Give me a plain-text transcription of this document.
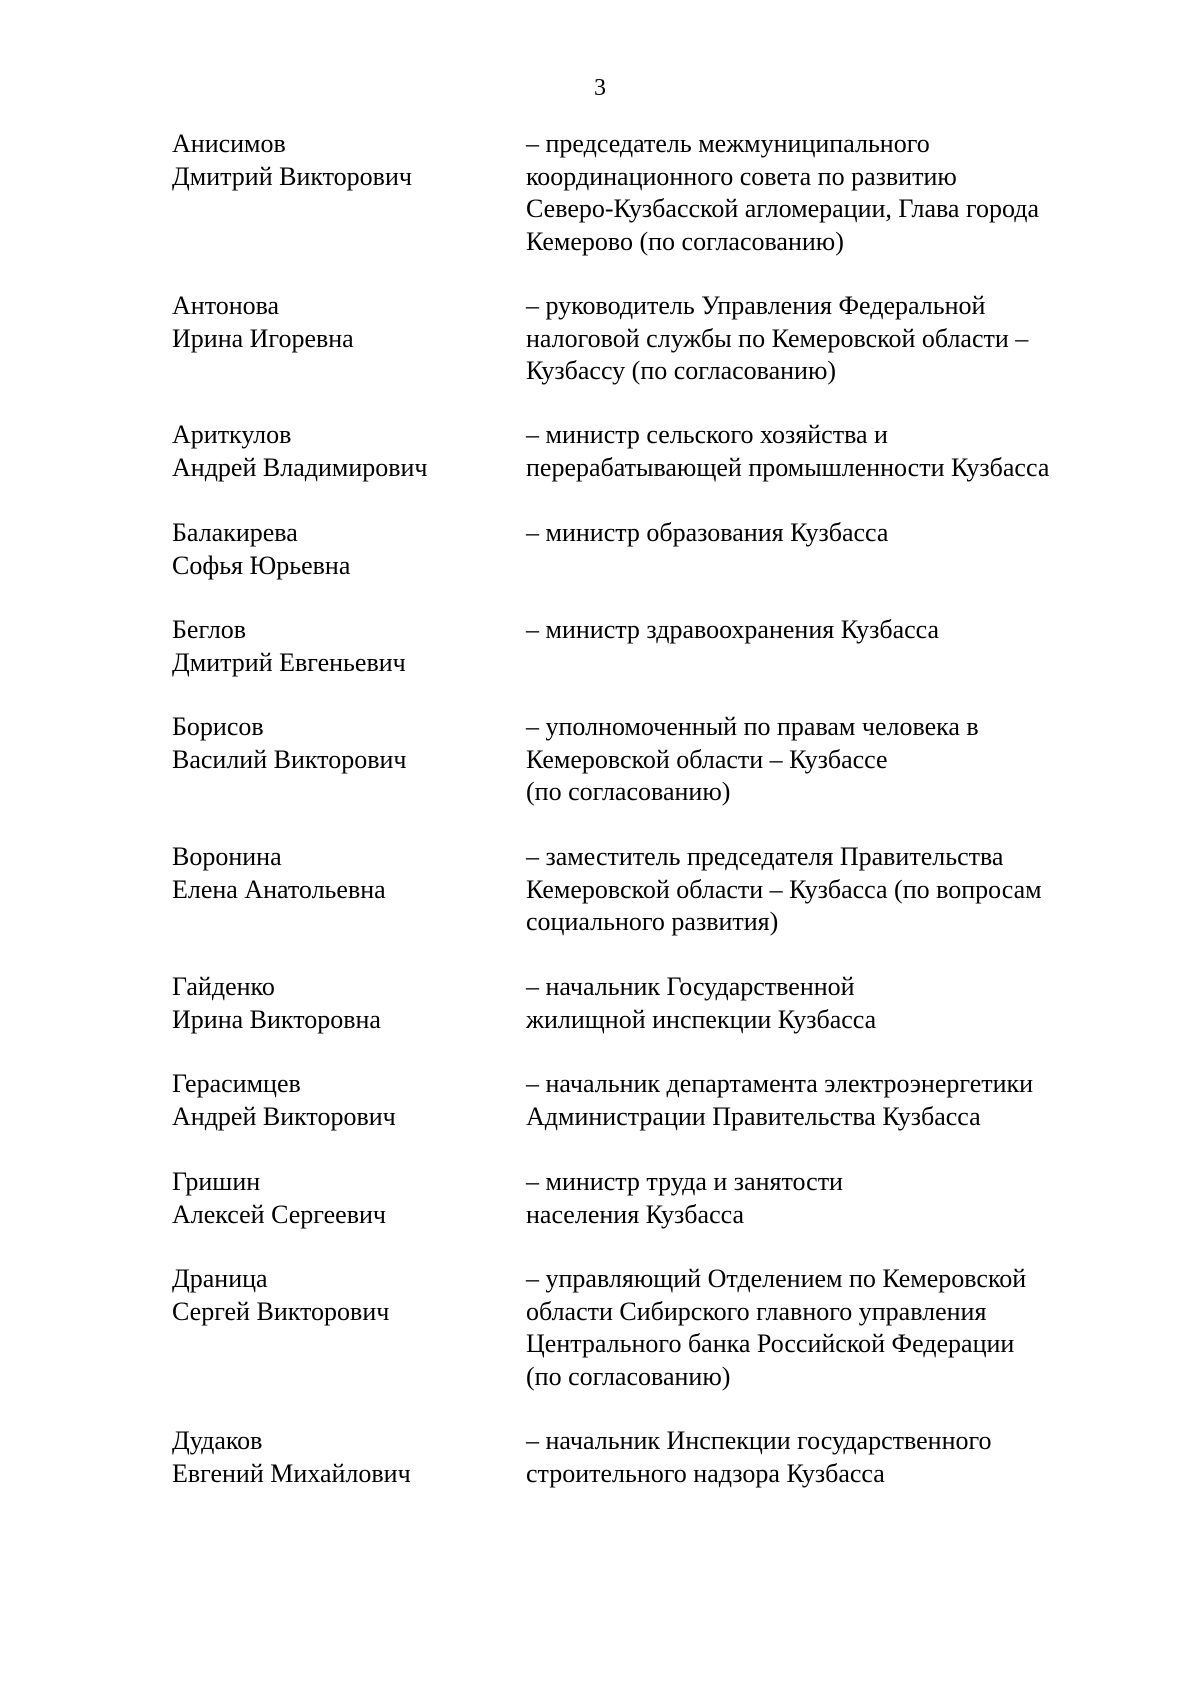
3
Анисимов
Дмитрий Викторович
– председатель межмуниципального
координационного совета по развитию
Северо-Кузбасской агломерации, Глава города
Кемерово (по согласованию)
Антонова
Ирина Игоревна
– руководитель Управления Федеральной
налоговой службы по Кемеровской области –
Кузбассу (по согласованию)
Ариткулов
Андрей Владимирович
– министр сельского хозяйства и
перерабатывающей промышленности Кузбасса
Балакирева
Софья Юрьевна
– министр образования Кузбасса
Беглов
Дмитрий Евгеньевич
– министр здравоохранения Кузбасса
Борисов
Василий Викторович
– уполномоченный по правам человека в
Кемеровской области – Кузбассе
(по согласованию)
Воронина
Елена Анатольевна
– заместитель председателя Правительства
Кемеровской области – Кузбасса (по вопросам
социального развития)
Гайденко
Ирина Викторовна
– начальник Государственной
жилищной инспекции Кузбасса
Герасимцев
Андрей Викторович
– начальник департамента электроэнергетики
Администрации Правительства Кузбасса
Гришин
Алексей Сергеевич
– министр труда и занятости
населения Кузбасса
Драница
Сергей Викторович
– управляющий Отделением по Кемеровской
области Сибирского главного управления
Центрального банка Российской Федерации
(по согласованию)
Дудаков
Евгений Михайлович
– начальник Инспекции государственного
строительного надзора Кузбасса
